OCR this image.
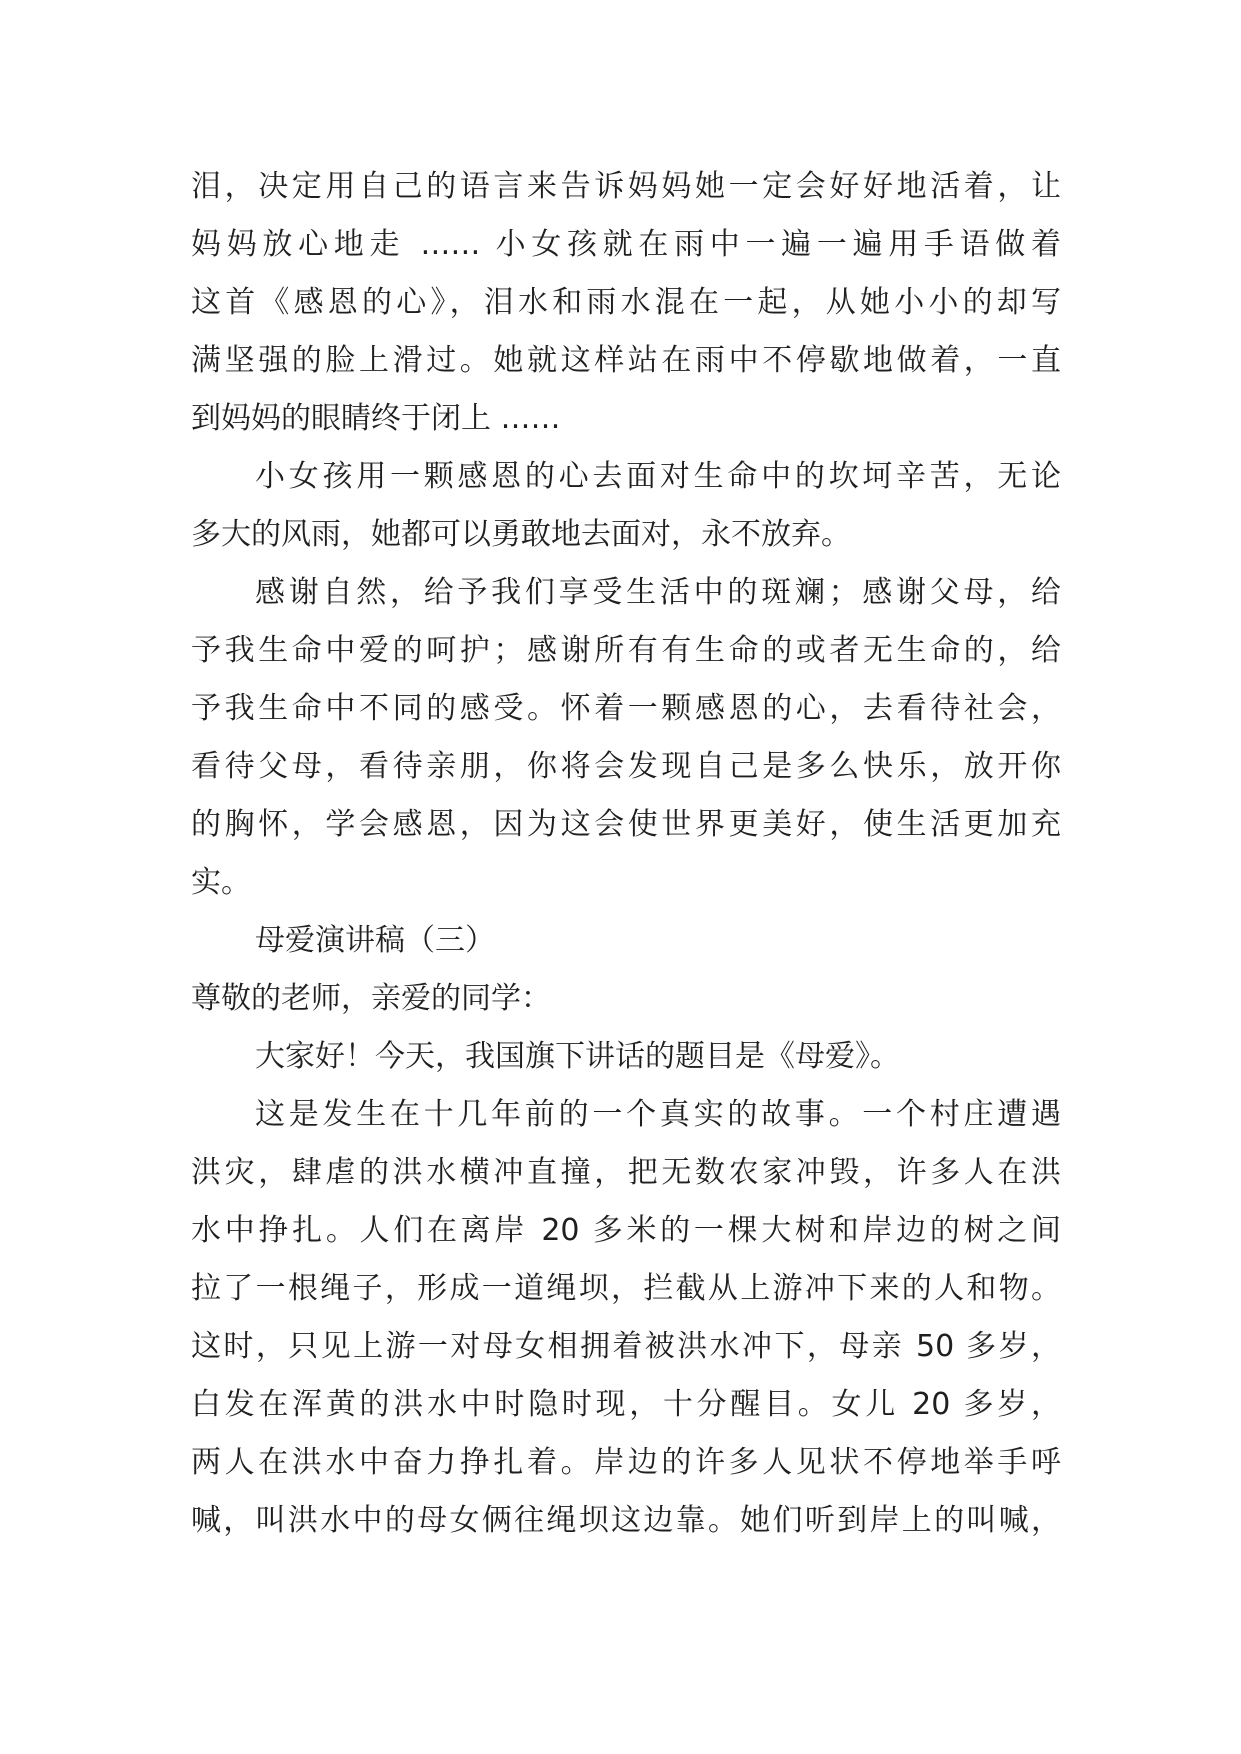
泪，决定用自己的语言来告诉妈妈她一定会好好地活着，让
妈妈放心地走 …… 小女孩就在雨中一遍一遍用手语做着
这首《感恩的心》，泪水和雨水混在一起，从她小小的却写
满坚强的脸上滑过。她就这样站在雨中不停歇地做着，一直
到妈妈的眼睛终于闭上 ……
小女孩用一颗感恩的心去面对生命中的坎坷辛苦，无论
多大的风雨，她都可以勇敢地去面对，永不放弃。
感谢自然，给予我们享受生活中的斑斓；感谢父母，给
予我生命中爱的呵护；感谢所有有生命的或者无生命的，给
予我生命中不同的感受。怀着一颗感恩的心，去看待社会，
看待父母，看待亲朋，你将会发现自己是多么快乐，放开你
的胸怀，学会感恩，因为这会使世界更美好，使生活更加充
实。
母爱演讲稿（三）
尊敬的老师，亲爱的同学：
大家好！今天，我国旗下讲话的题目是《母爱》。
这是发生在十几年前的一个真实的故事。一个村庄遭遇
洪灾，肆虐的洪水横冲直撞，把无数农家冲毁，许多人在洪
水中挣扎。人们在离岸 20 多米的一棵大树和岸边的树之间
拉了一根绳子，形成一道绳坝，拦截从上游冲下来的人和物。
这时，只见上游一对母女相拥着被洪水冲下，母亲 50 多岁，
白发在浑黄的洪水中时隐时现，十分醒目。女儿 20 多岁，
两人在洪水中奋力挣扎着。岸边的许多人见状不停地举手呼
喊，叫洪水中的母女俩往绳坝这边靠。她们听到岸上的叫喊，
